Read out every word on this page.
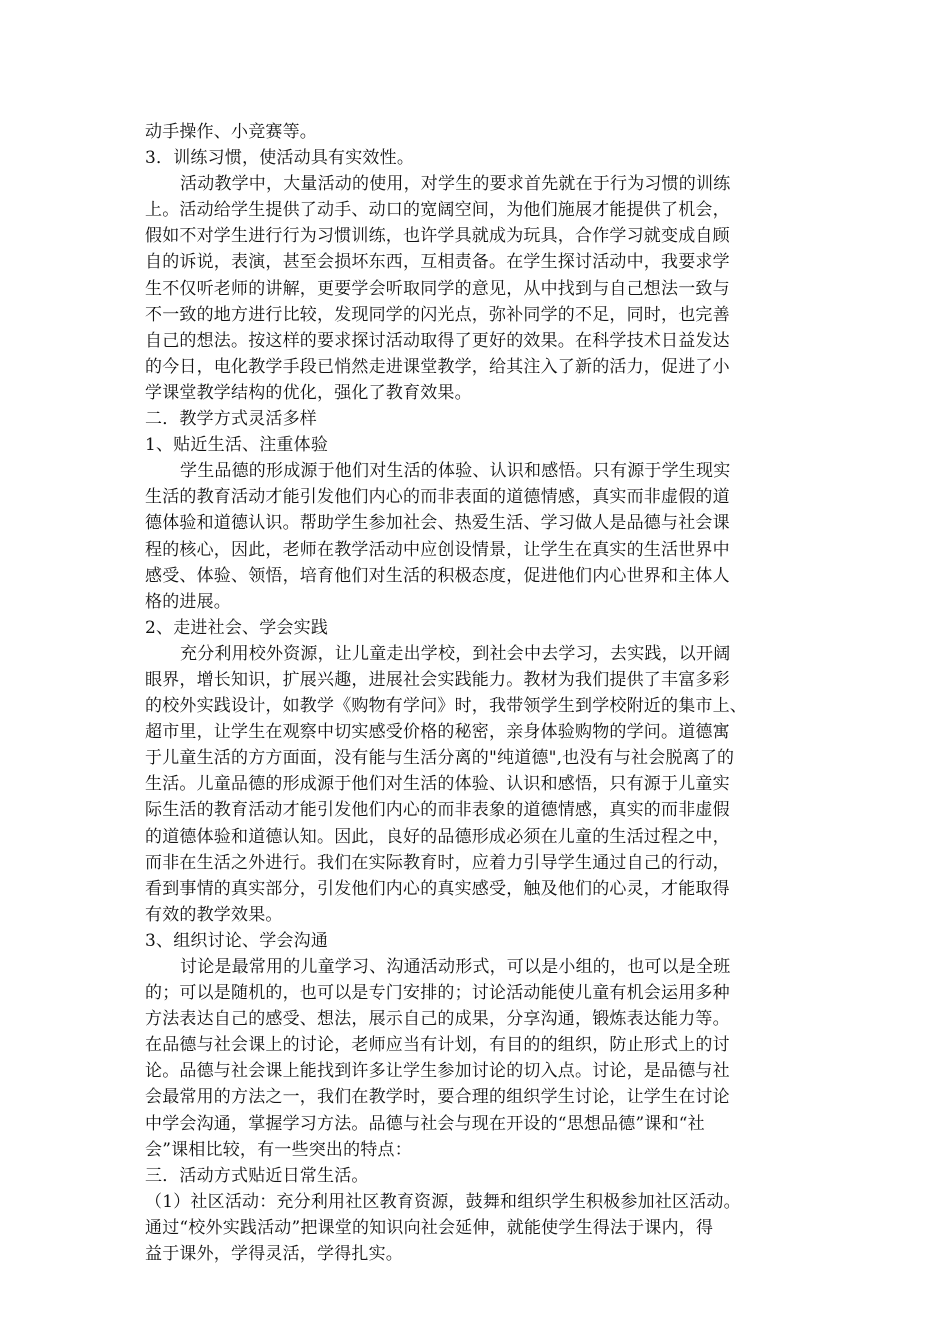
动手操作、小竞赛等。
3．训练习惯，使活动具有实效性。
活动教学中，大量活动的使用，对学生的要求首先就在于行为习惯的训练
上。活动给学生提供了动手、动口的宽阔空间，为他们施展才能提供了机会，
假如不对学生进行行为习惯训练，也许学具就成为玩具，合作学习就变成自顾
自的诉说，表演，甚至会损坏东西，互相责备。在学生探讨活动中，我要求学
生不仅听老师的讲解，更要学会听取同学的意见，从中找到与自己想法一致与
不一致的地方进行比较，发现同学的闪光点，弥补同学的不足，同时，也完善
自己的想法。按这样的要求探讨活动取得了更好的效果。在科学技术日益发达
的今日，电化教学手段已悄然走进课堂教学，给其注入了新的活力，促进了小
学课堂教学结构的优化，强化了教育效果。
二．教学方式灵活多样
1、贴近生活、注重体验
学生品德的形成源于他们对生活的体验、认识和感悟。只有源于学生现实
生活的教育活动才能引发他们内心的而非表面的道德情感，真实而非虚假的道
德体验和道德认识。帮助学生参加社会、热爱生活、学习做人是品德与社会课
程的核心，因此，老师在教学活动中应创设情景，让学生在真实的生活世界中
感受、体验、领悟，培育他们对生活的积极态度，促进他们内心世界和主体人
格的进展。
2、走进社会、学会实践
充分利用校外资源，让儿童走出学校，到社会中去学习，去实践，以开阔
眼界，增长知识，扩展兴趣，进展社会实践能力。教材为我们提供了丰富多彩
的校外实践设计，如教学《购物有学问》时，我带领学生到学校附近的集市上、
超市里，让学生在观察中切实感受价格的秘密，亲身体验购物的学问。道德寓
于儿童生活的方方面面，没有能与生活分离的"纯道德",也没有与社会脱离了的
生活。儿童品德的形成源于他们对生活的体验、认识和感悟，只有源于儿童实
际生活的教育活动才能引发他们内心的而非表象的道德情感，真实的而非虚假
的道德体验和道德认知。因此，良好的品德形成必须在儿童的生活过程之中，
而非在生活之外进行。我们在实际教育时，应着力引导学生通过自己的行动，
看到事情的真实部分，引发他们内心的真实感受，触及他们的心灵，才能取得
有效的教学效果。
3、组织讨论、学会沟通
讨论是最常用的儿童学习、沟通活动形式，可以是小组的，也可以是全班
的；可以是随机的，也可以是专门安排的；讨论活动能使儿童有机会运用多种
方法表达自己的感受、想法，展示自己的成果，分享沟通，锻炼表达能力等。
在品德与社会课上的讨论，老师应当有计划，有目的的组织，防止形式上的讨
论。品德与社会课上能找到许多让学生参加讨论的切入点。讨论，是品德与社
会最常用的方法之一，我们在教学时，要合理的组织学生讨论，让学生在讨论
中学会沟通，掌握学习方法。品德与社会与现在开设的“思想品德”课和“社
会”课相比较，有一些突出的特点：
三．活动方式贴近日常生活。
（1）社区活动：充分利用社区教育资源，鼓舞和组织学生积极参加社区活动。
通过“校外实践活动”把课堂的知识向社会延伸，就能使学生得法于课内，得
益于课外，学得灵活，学得扎实。
